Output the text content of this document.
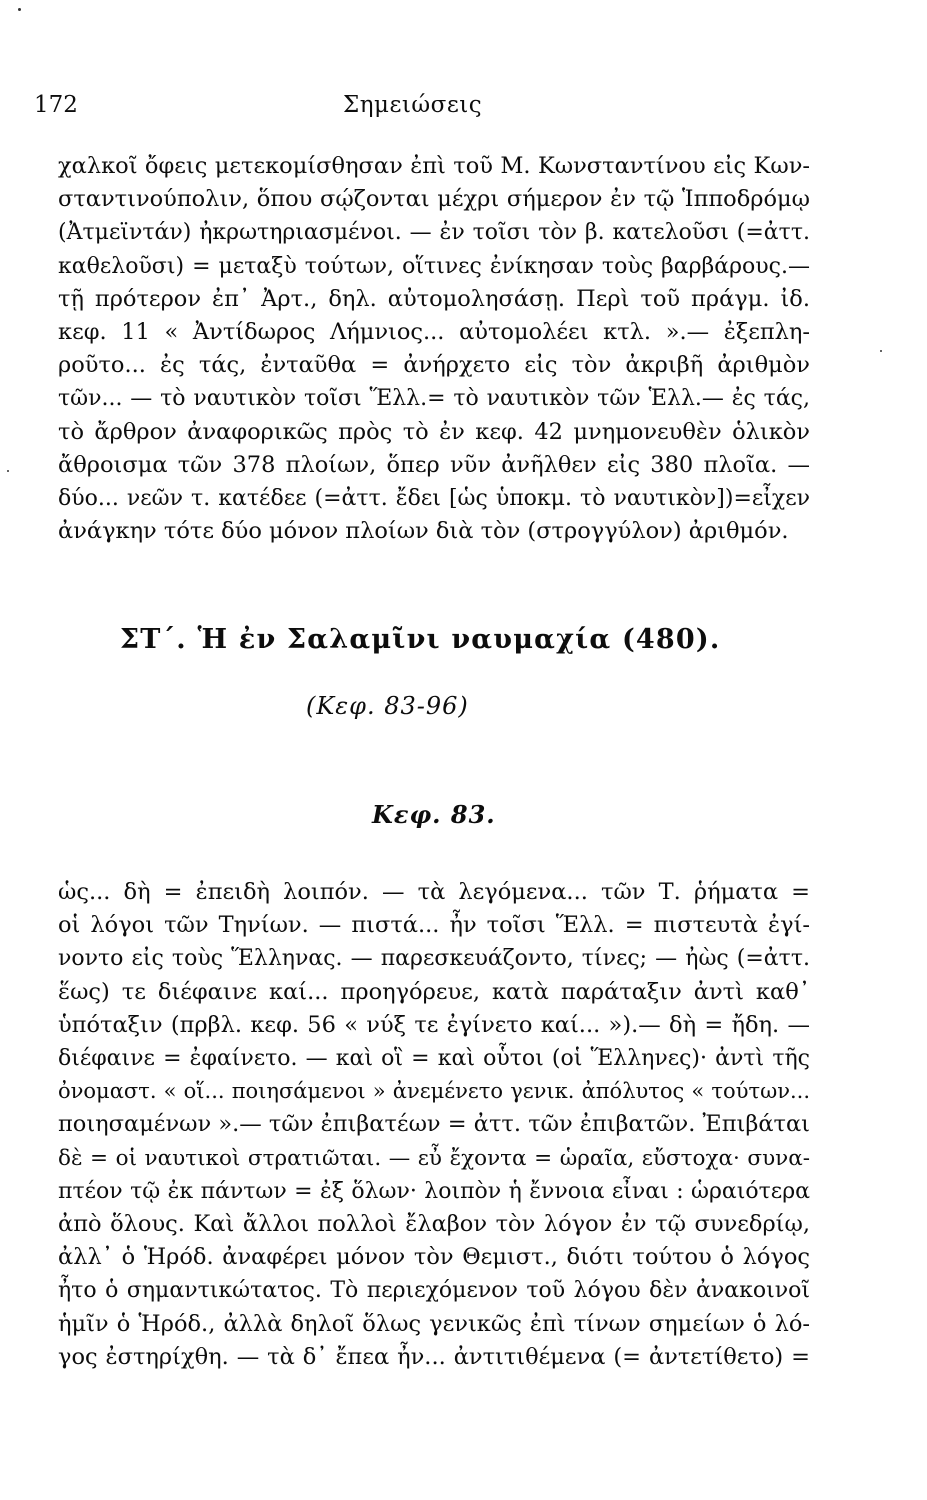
172	Σημειώσεις
χαλκοῖ ὄφεις μετεκομίσθησαν ἐπὶ τοῦ Μ. Κωνσταντίνου εἰς Κων-
σταντινούπολιν, ὅπου σῴζονται μέχρι σήμερον ἐν τῷ Ἱπποδρόμῳ
(Ἀτμεϊντάν) ἠκρωτηριασμένοι. — ἐν τοῖσι τὸν β. κατελοῦσι (=ἀττ.
καθελοῦσι) = μεταξὺ τούτων, οἵτινες ἐνίκησαν τοὺς βαρβάρους.—
τῇ πρότερον ἐπ᾽ Ἀρτ., δηλ. αὐτομολησάσῃ. Περὶ τοῦ πράγμ. ἰδ.
κεφ. 11 « Ἀντίδωρος Λήμνιος... αὐτομολέει κτλ. ».— ἐξεπλη-
ροῦτο... ἐς τάς, ἐνταῦθα = ἀνήρχετο εἰς τὸν ἀκριβῆ ἀριθμὸν
τῶν... — τὸ ναυτικὸν τοῖσι Ἕλλ.= τὸ ναυτικὸν τῶν Ἑλλ.— ἐς τάς,
τὸ ἄρθρον ἀναφορικῶς πρὸς τὸ ἐν κεφ. 42 μνημονευθὲν ὁλικὸν
ἄθροισμα τῶν 378 πλοίων, ὅπερ νῦν ἀνῆλθεν εἰς 380 πλοῖα. —
δύο... νεῶν τ. κατέδεε (=ἀττ. ἔδει [ὡς ὑποκμ. τὸ ναυτικὸν])=εἶχεν
ἀνάγκην τότε δύο μόνον πλοίων διὰ τὸν (στρογγύλον) ἀριθμόν.
ΣΤ΄. Ἡ ἐν Σαλαμῖνι ναυμαχία (480).
(Κεφ. 83-96)
Κεφ. 83.
ὡς... δὴ = ἐπειδὴ λοιπόν. — τὰ λεγόμενα... τῶν Τ. ῥήματα =
οἱ λόγοι τῶν Τηνίων. — πιστά... ἦν τοῖσι Ἕλλ. = πιστευτὰ ἐγί-
νοντο εἰς τοὺς Ἕλληνας. — παρεσκευάζοντο, τίνες; — ἠὼς (=ἀττ.
ἕως) τε διέφαινε καί... προηγόρευε, κατὰ παράταξιν ἀντὶ καθ᾽
ὑπόταξιν (πρβλ. κεφ. 56 « νύξ τε ἐγίνετο καί... »).— δὴ = ἤδη. —
διέφαινε = ἐφαίνετο. — καὶ οἳ = καὶ οὗτοι (οἱ Ἕλληνες)· ἀντὶ τῆς
ὀνομαστ. « οἵ... ποιησάμενοι » ἀνεμένετο γενικ. ἀπόλυτος « τούτων...
ποιησαμένων ».— τῶν ἐπιβατέων = ἀττ. τῶν ἐπιβατῶν. Ἐπιβάται
δὲ = οἱ ναυτικοὶ στρατιῶται. — εὖ ἔχοντα = ὡραῖα, εὔστοχα· συνα-
πτέον τῷ ἐκ πάντων = ἐξ ὅλων· λοιπὸν ἡ ἔννοια εἶναι : ὡραιότερα
ἀπὸ ὅλους. Καὶ ἄλλοι πολλοὶ ἔλαβον τὸν λόγον ἐν τῷ συνεδρίῳ,
ἀλλ᾽ ὁ Ἡρόδ. ἀναφέρει μόνον τὸν Θεμιστ., διότι τούτου ὁ λόγος
ἦτο ὁ σημαντικώτατος. Τὸ περιεχόμενον τοῦ λόγου δὲν ἀνακοινοῖ
ἡμῖν ὁ Ἡρόδ., ἀλλὰ δηλοῖ ὅλως γενικῶς ἐπὶ τίνων σημείων ὁ λό-
γος ἐστηρίχθη. — τὰ δ᾽ ἔπεα ἦν... ἀντιτιθέμενα (= ἀντετίθετο) =
